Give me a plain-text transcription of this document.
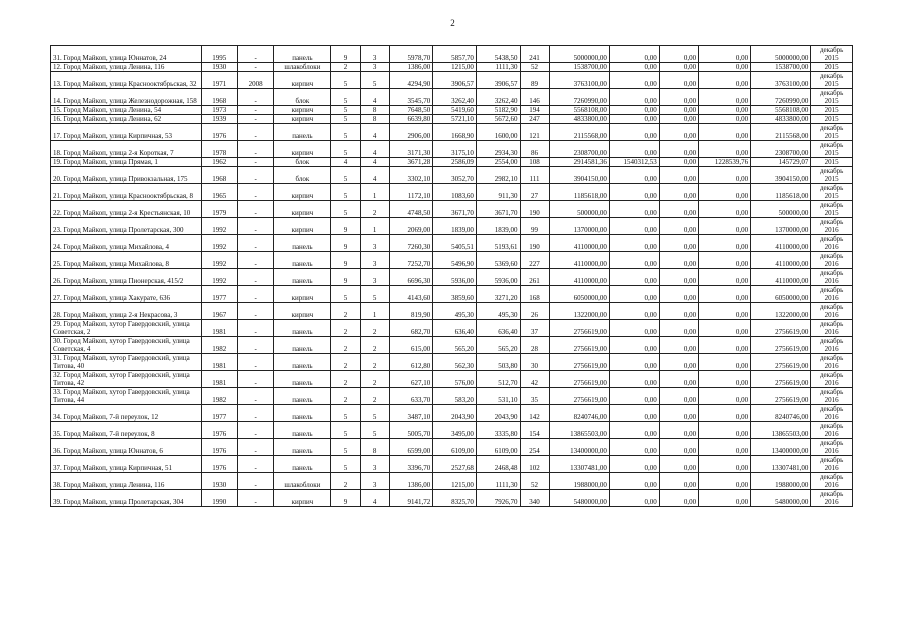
2
31. Город Майкоп, улица Юннатов, 24	1995	-	панель	9	3	5978,70	5857,70	5438,50	241	5000000,00	0,00	0,00	0,00	5000000,00	декабрь 2015
12. Город Майкоп, улица Ленина, 116	1930	-	шлакоблоки	2	3	1386,00	1215,00	1111,30	52	1538700,00	0,00	0,00	0,00	1538700,00	2015
13. Город Майкоп, улица Краснооктябрьская, 32	1971	2008	кирпич	5	5	4294,90	3906,57	3906,57	89	3763100,00	0,00	0,00	0,00	3763100,00	декабрь 2015
14. Город Майкоп, улица Железнодорожная, 158	1968	-	блок	5	4	3545,70	3262,40	3262,40	146	7260990,00	0,00	0,00	0,00	7260990,00	декабрь 2015
15. Город Майкоп, улица Ленина, 54	1973	-	кирпич	5	8	7648,50	5419,60	5182,90	194	5568108,00	0,00	0,00	0,00	5568108,00	2015
16. Город Майкоп, улица Ленина, 62	1939	-	кирпич	5	8	6639,80	5721,10	5672,60	247	4833800,00	0,00	0,00	0,00	4833800,00	2015
17. Город Майкоп, улица Кирпичная, 53	1976	-	панель	5	4	2906,00	1668,90	1600,00	121	2115568,00	0,00	0,00	0,00	2115568,00	декабрь 2015
18. Город Майкоп, улица 2-я Короткая, 7	1978	-	кирпич	5	4	3171,30	3175,10	2934,30	86	2308700,00	0,00	0,00	0,00	2308700,00	декабрь 2015
19. Город Майкоп, улица Прямая, 1	1962	-	блок	4	4	3671,28	2586,09	2554,00	108	2914581,36	1540312,53	0,00	1228539,76	145729,07	2015
20. Город Майкоп, улица Привокзальная, 175	1968	-	блок	5	4	3302,10	3052,70	2982,10	111	3904150,00	0,00	0,00	0,00	3904150,00	декабрь 2015
21. Город Майкоп, улица Краснооктябрьская, 8	1965	-	кирпич	5	1	1172,10	1083,60	911,30	27	1185618,00	0,00	0,00	0,00	1185618,00	декабрь 2015
22. Город Майкоп, улица 2-я Крестьянская, 10	1979	-	кирпич	5	2	4748,50	3671,70	3671,70	190	500000,00	0,00	0,00	0,00	500000,00	декабрь 2015
23. Город Майкоп, улица Пролетарская, 300	1992	-	кирпич	9	1	2069,00	1839,00	1839,00	99	1370000,00	0,00	0,00	0,00	1370000,00	декабрь 2016
24. Город Майкоп, улица Михайлова, 4	1992	-	панель	9	3	7260,30	5405,51	5193,61	190	4110000,00	0,00	0,00	0,00	4110000,00	декабрь 2016
25. Город Майкоп, улица Михайлова, 8	1992	-	панель	9	3	7252,70	5496,90	5369,60	227	4110000,00	0,00	0,00	0,00	4110000,00	декабрь 2016
26. Город Майкоп, улица Пионерская, 415/2	1992	-	панель	9	3	6696,30	5936,00	5936,00	261	4110000,00	0,00	0,00	0,00	4110000,00	декабрь 2016
27. Город Майкоп, улица Хакурате, 636	1977	-	кирпич	5	5	4143,60	3859,60	3271,20	168	6050000,00	0,00	0,00	0,00	6050000,00	декабрь 2016
28. Город Майкоп, улица 2-я Некрасова, 3	1967	-	кирпич	2	1	819,90	495,30	495,30	26	1322000,00	0,00	0,00	0,00	1322000,00	декабрь 2016
29. Город Майкоп, хутор Гавердовский, улица Советская, 2	1981	-	панель	2	2	682,70	636,40	636,40	37	2756619,00	0,00	0,00	0,00	2756619,00	декабрь 2016
30. Город Майкоп, хутор Гавердовский, улица Советская, 4	1982	-	панель	2	2	615,00	565,20	565,20	28	2756619,00	0,00	0,00	0,00	2756619,00	декабрь 2016
31. Город Майкоп, хутор Гавердовский, улица Титова, 40	1981	-	панель	2	2	612,80	562,30	503,80	30	2756619,00	0,00	0,00	0,00	2756619,00	декабрь 2016
32. Город Майкоп, хутор Гавердовский, улица Титова, 42	1981	-	панель	2	2	627,10	576,00	512,70	42	2756619,00	0,00	0,00	0,00	2756619,00	декабрь 2016
33. Город Майкоп, хутор Гавердовский, улица Титова, 44	1982	-	панель	2	2	633,70	583,20	531,10	35	2756619,00	0,00	0,00	0,00	2756619,00	декабрь 2016
34. Город Майкоп, 7-й переулок, 12	1977	-	панель	5	5	3487,10	2043,90	2043,90	142	8240746,00	0,00	0,00	0,00	8240746,00	декабрь 2016
35. Город Майкоп, 7-й переулок, 8	1976	-	панель	5	5	5005,70	3495,00	3335,80	154	13865503,00	0,00	0,00	0,00	13865503,00	декабрь 2016
36. Город Майкоп, улица Юннатов, 6	1976	-	панель	5	8	6599,00	6109,00	6109,00	254	13400000,00	0,00	0,00	0,00	13400000,00	декабрь 2016
37. Город Майкоп, улица Кирпичная, 51	1976	-	панель	5	3	3396,70	2527,68	2468,48	102	13307481,00	0,00	0,00	0,00	13307481,00	декабрь 2016
38. Город Майкоп, улица Ленина, 116	1930	-	шлакоблоки	2	3	1386,00	1215,00	1111,30	52	1988000,00	0,00	0,00	0,00	1988000,00	декабрь 2016
39. Город Майкоп, улица Пролетарская, 304	1990	-	кирпич	9	4	9141,72	8325,70	7926,70	340	5480000,00	0,00	0,00	0,00	5480000,00	декабрь 2016
